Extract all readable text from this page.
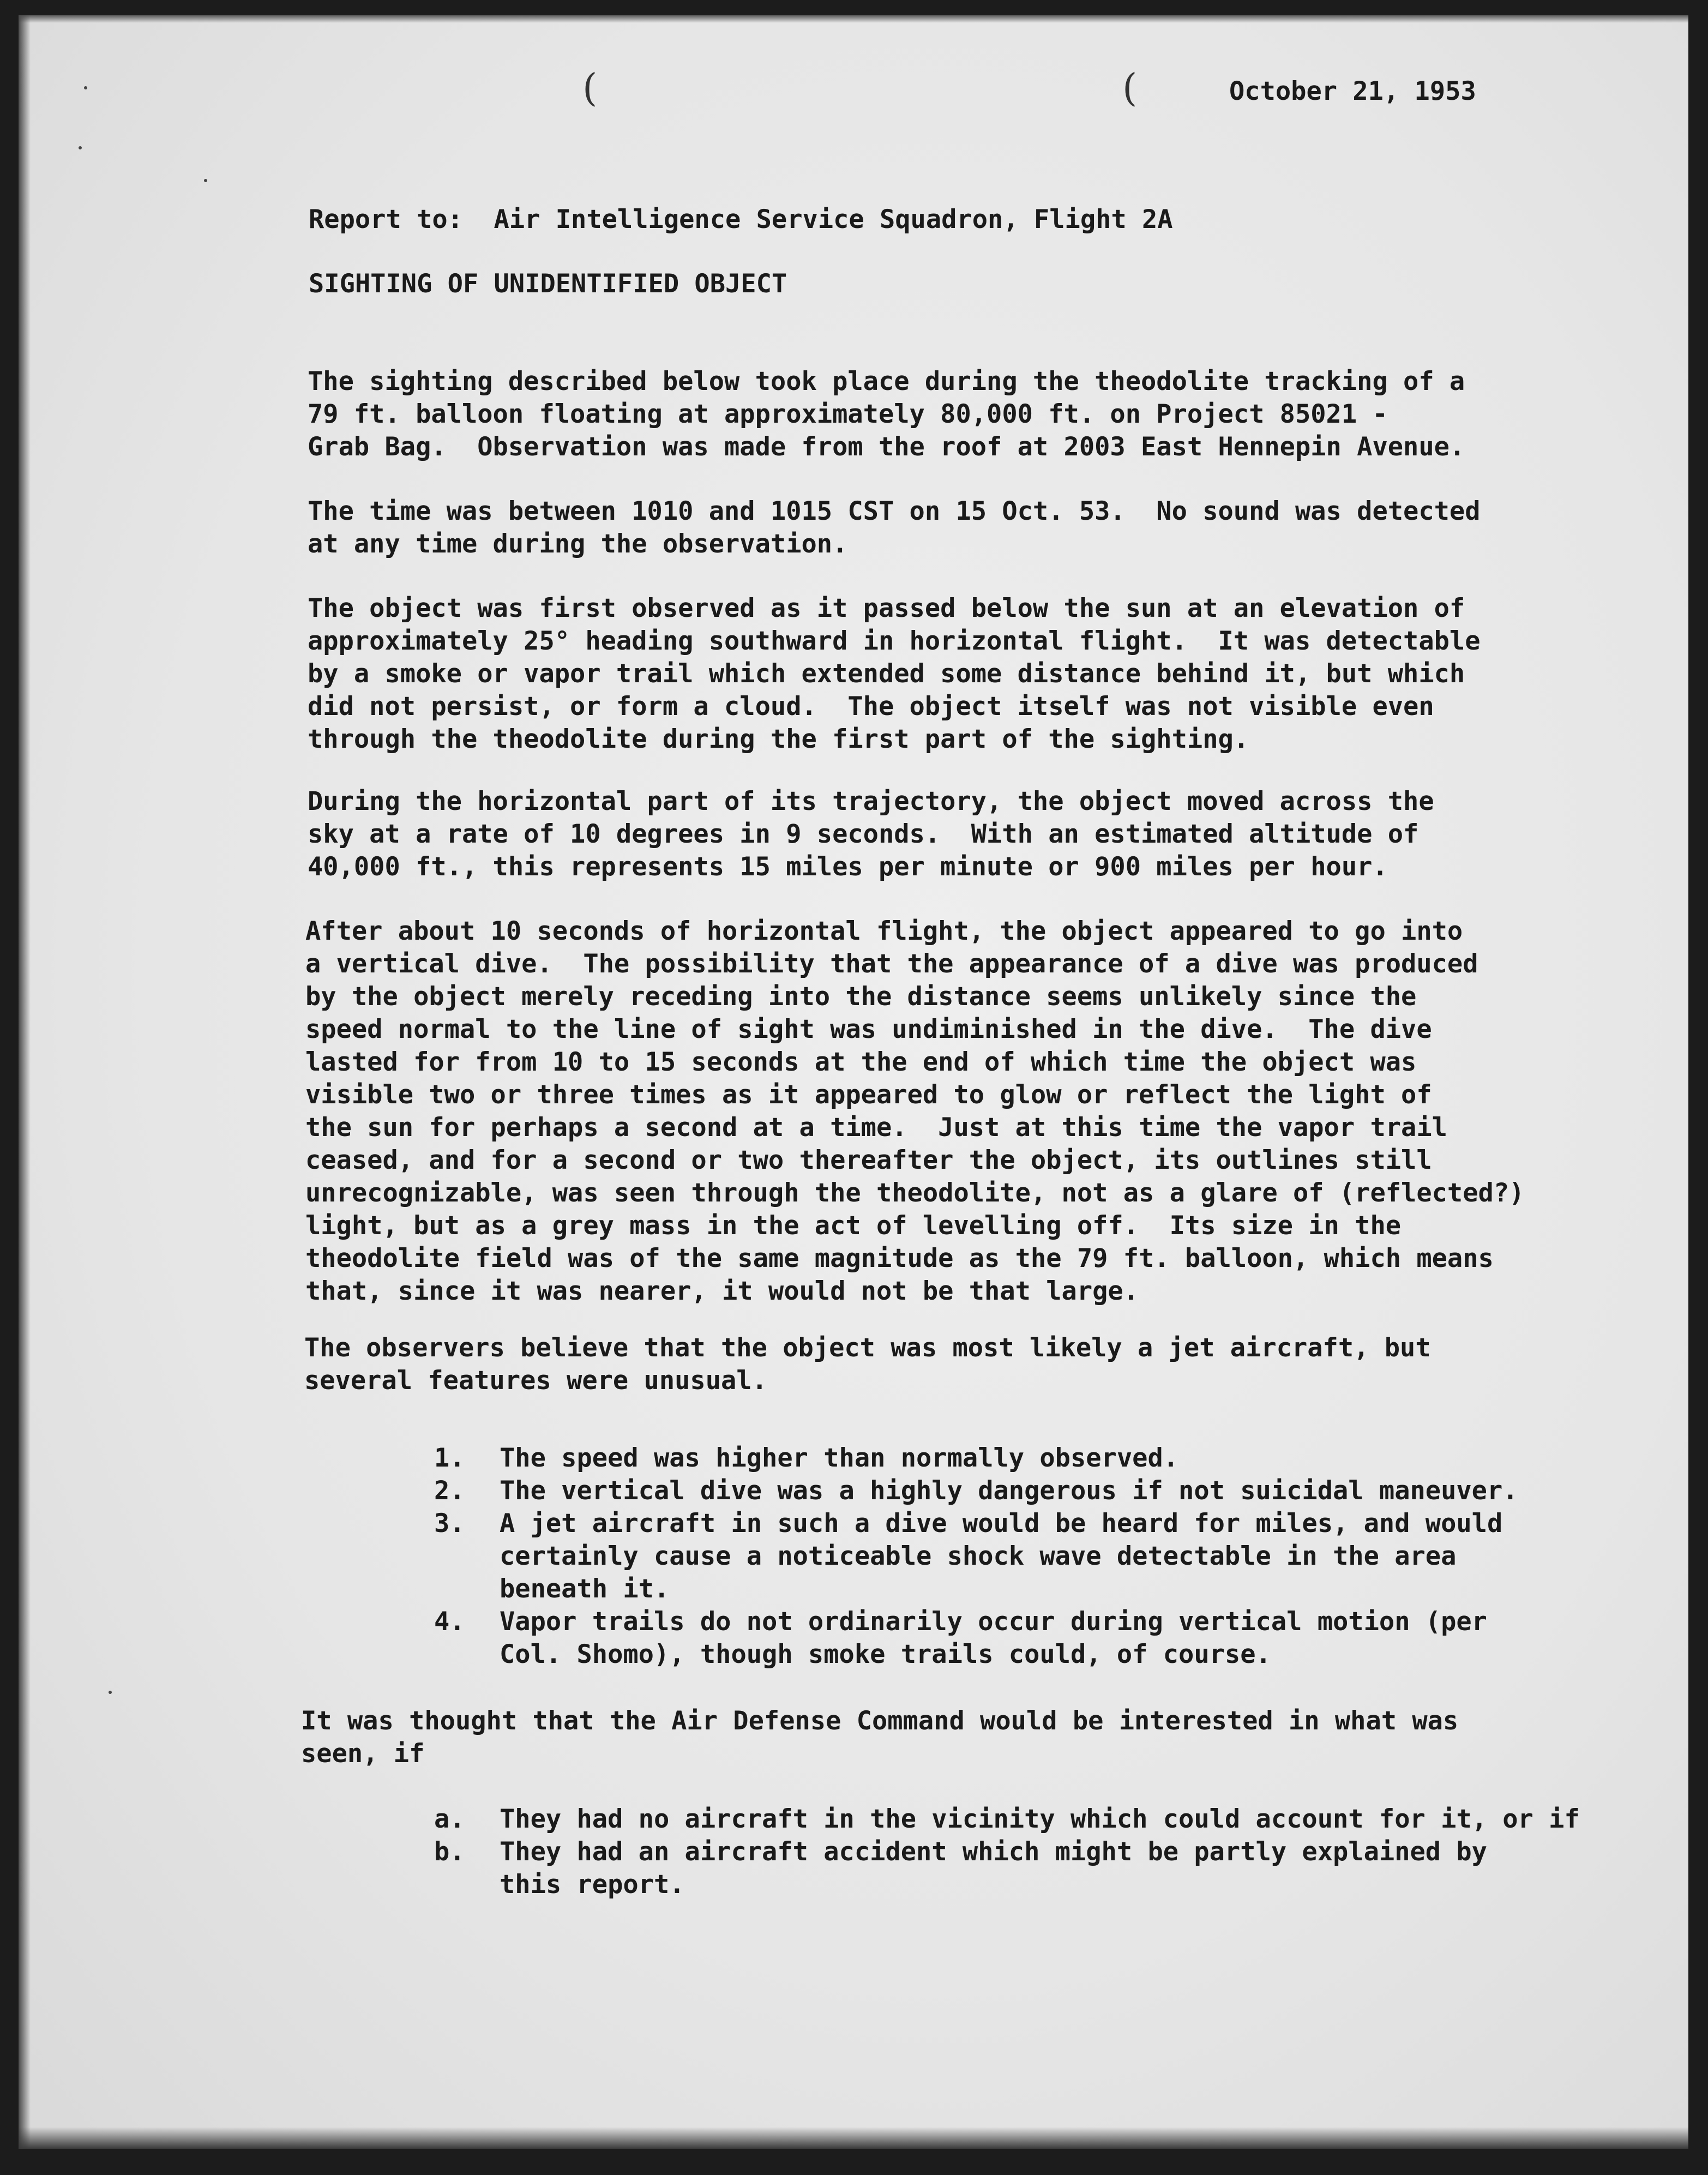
(	(	October 21, 1953

Report to:  Air Intelligence Service Squadron, Flight 2A

SIGHTING OF UNIDENTIFIED OBJECT

The sighting described below took place during the theodolite tracking of a
79 ft. balloon floating at approximately 80,000 ft. on Project 85021 -
Grab Bag.  Observation was made from the roof at 2003 East Hennepin Avenue.

The time was between 1010 and 1015 CST on 15 Oct. 53.  No sound was detected
at any time during the observation.

The object was first observed as it passed below the sun at an elevation of
approximately 25° heading southward in horizontal flight.  It was detectable
by a smoke or vapor trail which extended some distance behind it, but which
did not persist, or form a cloud.  The object itself was not visible even
through the theodolite during the first part of the sighting.

During the horizontal part of its trajectory, the object moved across the
sky at a rate of 10 degrees in 9 seconds.  With an estimated altitude of
40,000 ft., this represents 15 miles per minute or 900 miles per hour.

After about 10 seconds of horizontal flight, the object appeared to go into
a vertical dive.  The possibility that the appearance of a dive was produced
by the object merely receding into the distance seems unlikely since the
speed normal to the line of sight was undiminished in the dive.  The dive
lasted for from 10 to 15 seconds at the end of which time the object was
visible two or three times as it appeared to glow or reflect the light of
the sun for perhaps a second at a time.  Just at this time the vapor trail
ceased, and for a second or two thereafter the object, its outlines still
unrecognizable, was seen through the theodolite, not as a glare of (reflected?)
light, but as a grey mass in the act of levelling off.  Its size in the
theodolite field was of the same magnitude as the 79 ft. balloon, which means
that, since it was nearer, it would not be that large.

The observers believe that the object was most likely a jet aircraft, but
several features were unusual.

1.

The speed was higher than normally observed.

2.

The vertical dive was a highly dangerous if not suicidal maneuver.

3.

A jet aircraft in such a dive would be heard for miles, and would
certainly cause a noticeable shock wave detectable in the area
beneath it.

4.

Vapor trails do not ordinarily occur during vertical motion (per
Col. Shomo), though smoke trails could, of course.

It was thought that the Air Defense Command would be interested in what was
seen, if

a.

They had no aircraft in the vicinity which could account for it, or if

b.

They had an aircraft accident which might be partly explained by
this report.
